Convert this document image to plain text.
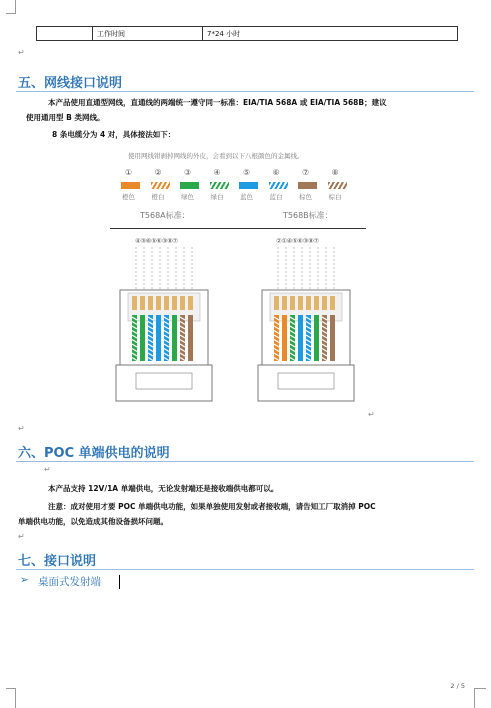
	工作时间	7*24 小时
↵
五、网线接口说明
本产品使用直通型网线，直通线的两端统一遵守同一标准：EIA/TIA 568A 或 EIA/TIA 568B；建议
使用通用型 B 类网线。
8 条电缆分为 4 对，具体接法如下：
使用网线钳剥掉网线的外皮，会看到以下八根颜色的金属线。
①
橙色
②
橙白
③
绿色
④
绿白
⑤
蓝色
⑥
蓝白
⑦
棕色
⑧
棕白
T568A标准：	T568B标准：
④③⑥⑤⑥③⑧⑦	②①④⑤⑥③⑧⑦
↵
↵
六、POC 单端供电的说明
↵
本产品支持 12V/1A 单端供电，无论发射端还是接收端供电都可以。
注意：成对使用才要 POC 单端供电功能，如果单独使用发射或者接收端，请告知工厂取消掉 POC
单端供电功能，以免造成其他设备损坏问题。
↵
七、接口说明
➢ 桌面式发射端
2 / 5
